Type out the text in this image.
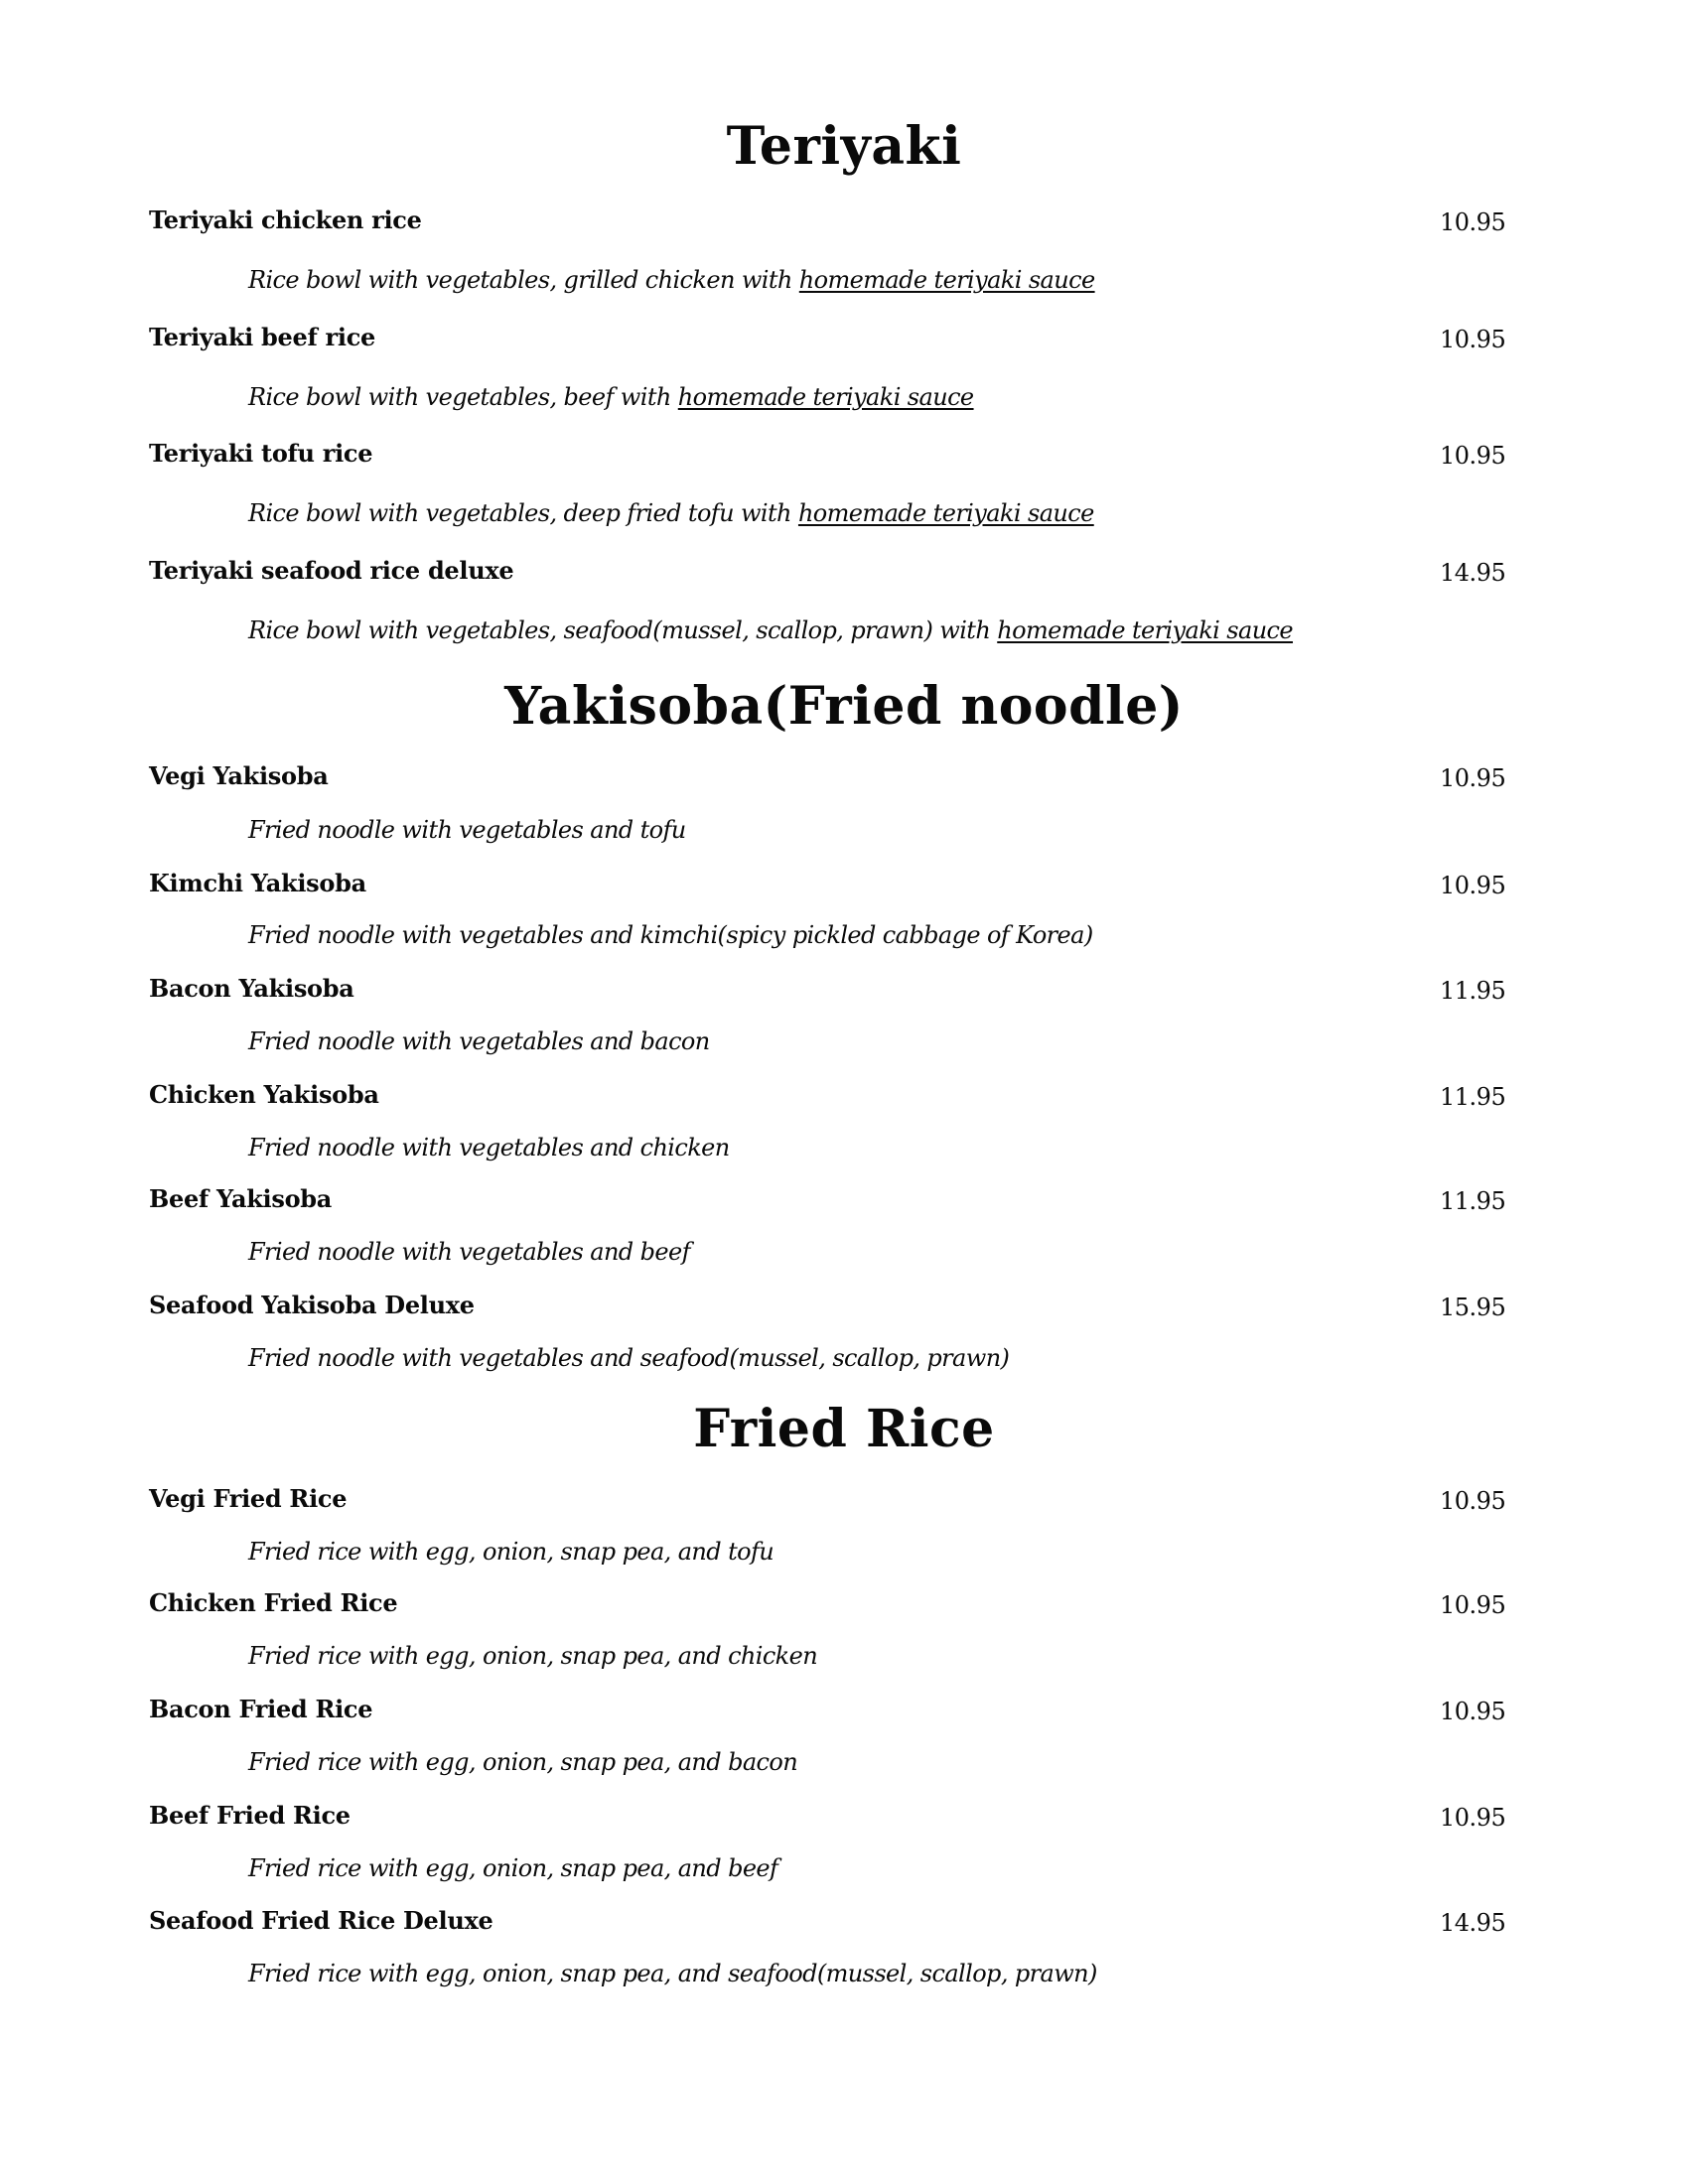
Teriyaki
Teriyaki chicken rice	10.95
Rice bowl with vegetables, grilled chicken with homemade teriyaki sauce
Teriyaki beef rice	10.95
Rice bowl with vegetables, beef with homemade teriyaki sauce
Teriyaki tofu rice	10.95
Rice bowl with vegetables, deep fried tofu with homemade teriyaki sauce
Teriyaki seafood rice deluxe	14.95
Rice bowl with vegetables, seafood(mussel, scallop, prawn) with homemade teriyaki sauce
Yakisoba(Fried noodle)
Vegi Yakisoba	10.95
Fried noodle with vegetables and tofu
Kimchi Yakisoba	10.95
Fried noodle with vegetables and kimchi(spicy pickled cabbage of Korea)
Bacon Yakisoba	11.95
Fried noodle with vegetables and bacon
Chicken Yakisoba	11.95
Fried noodle with vegetables and chicken
Beef Yakisoba	11.95
Fried noodle with vegetables and beef
Seafood Yakisoba Deluxe	15.95
Fried noodle with vegetables and seafood(mussel, scallop, prawn)
Fried Rice
Vegi Fried Rice	10.95
Fried rice with egg, onion, snap pea, and tofu
Chicken Fried Rice	10.95
Fried rice with egg, onion, snap pea, and chicken
Bacon Fried Rice	10.95
Fried rice with egg, onion, snap pea, and bacon
Beef Fried Rice	10.95
Fried rice with egg, onion, snap pea, and beef
Seafood Fried Rice Deluxe	14.95
Fried rice with egg, onion, snap pea, and seafood(mussel, scallop, prawn)
